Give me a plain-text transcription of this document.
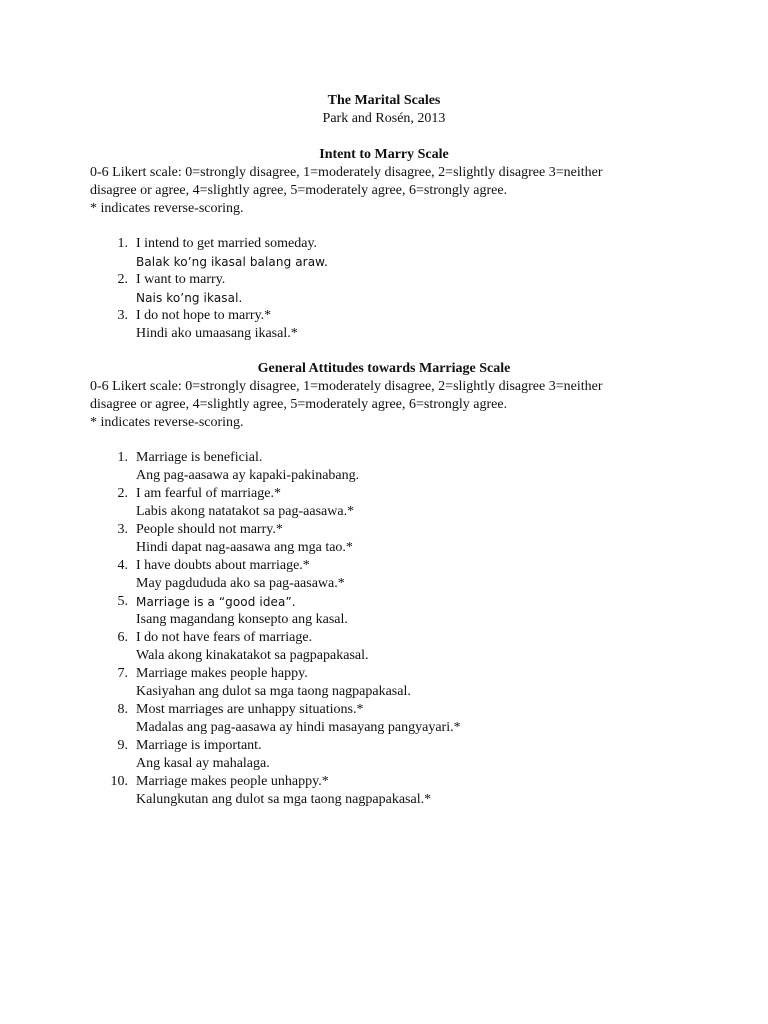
The Marital Scales

Park and Rosén, 2013

Intent to Marry Scale

0-6 Likert scale: 0=strongly disagree, 1=moderately disagree, 2=slightly disagree 3=neither

disagree or agree, 4=slightly agree, 5=moderately agree, 6=strongly agree.

* indicates reverse-scoring.

1. I intend to get married someday.
Balak ko’ng ikasal balang araw.
2. I want to marry.
Nais ko’ng ikasal.
3. I do not hope to marry.*
Hindi ako umaasang ikasal.*

General Attitudes towards Marriage Scale

0-6 Likert scale: 0=strongly disagree, 1=moderately disagree, 2=slightly disagree 3=neither

disagree or agree, 4=slightly agree, 5=moderately agree, 6=strongly agree.

* indicates reverse-scoring.

1. Marriage is beneficial.
Ang pag-aasawa ay kapaki-pakinabang.
2. I am fearful of marriage.*
Labis akong natatakot sa pag-aasawa.*
3. People should not marry.*
Hindi dapat nag-aasawa ang mga tao.*
4. I have doubts about marriage.*
May pagdududa ako sa pag-aasawa.*
5. Marriage is a “good idea”.
Isang magandang konsepto ang kasal.
6. I do not have fears of marriage.
Wala akong kinakatakot sa pagpapakasal.
7. Marriage makes people happy.
Kasiyahan ang dulot sa mga taong nagpapakasal.
8. Most marriages are unhappy situations.*
Madalas ang pag-aasawa ay hindi masayang pangyayari.*
9. Marriage is important.
Ang kasal ay mahalaga.
10. Marriage makes people unhappy.*
Kalungkutan ang dulot sa mga taong nagpapakasal.*
